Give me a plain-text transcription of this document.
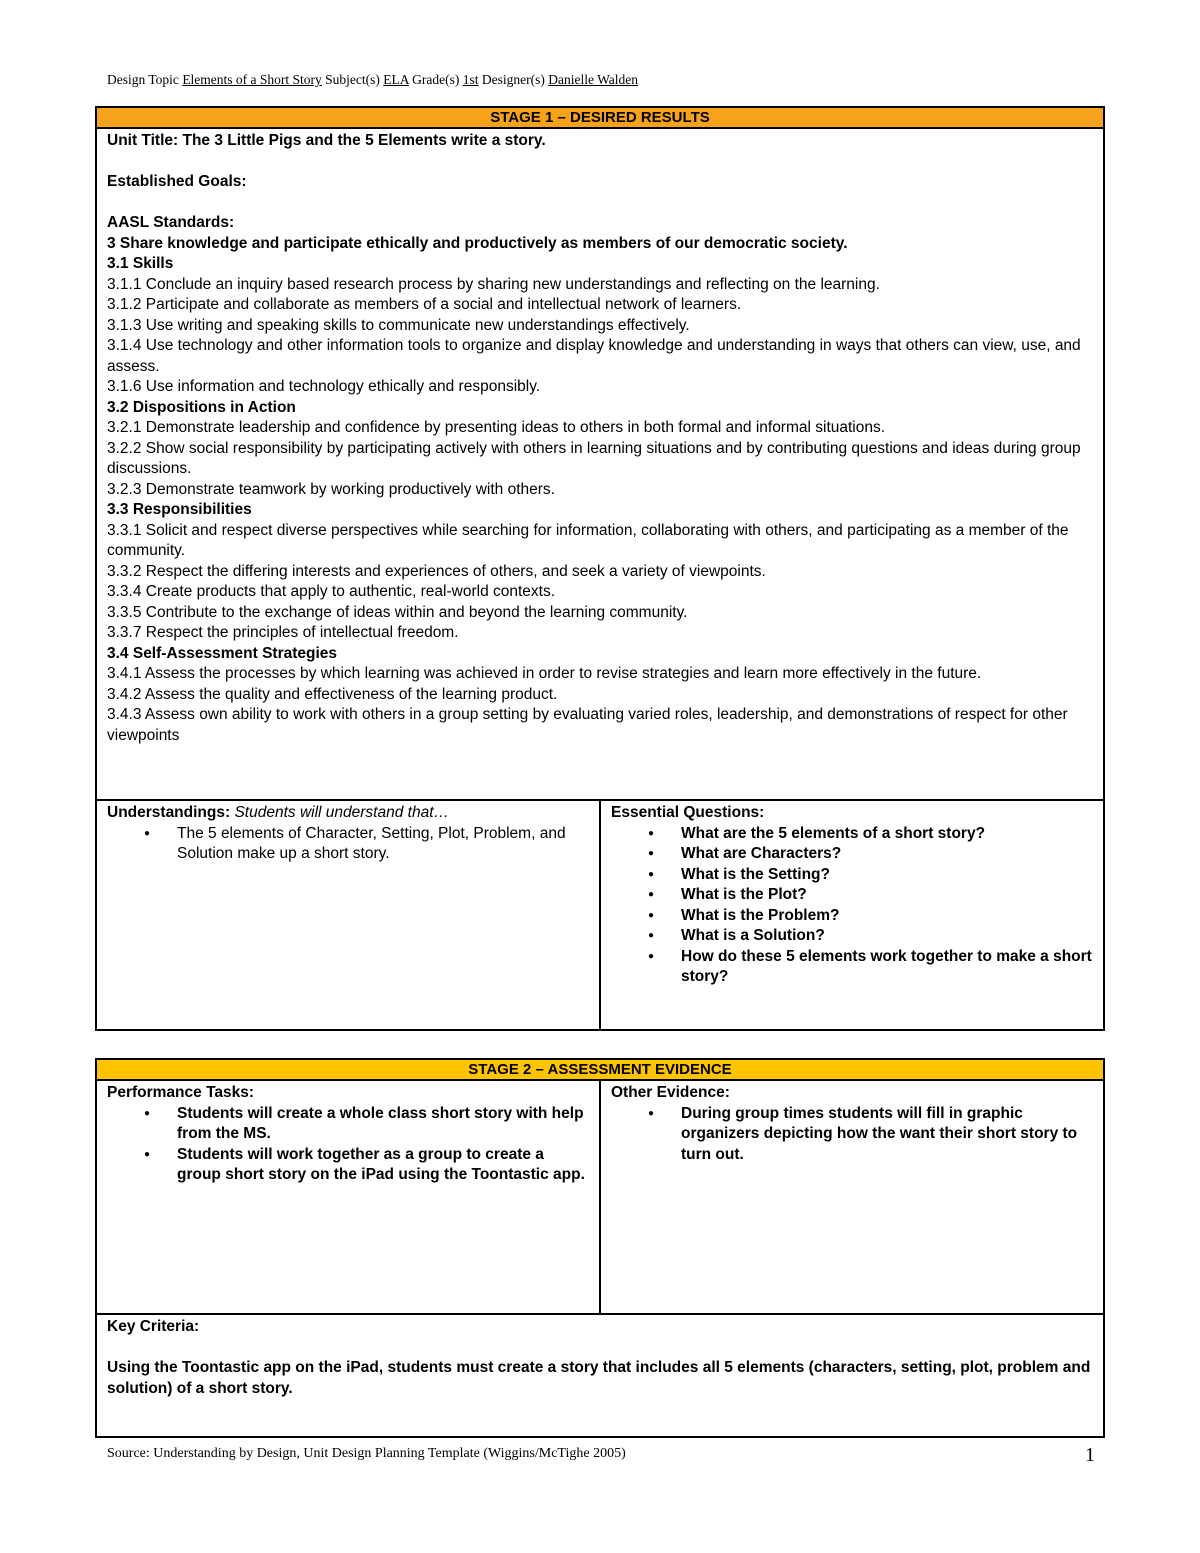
Design Topic Elements of a Short Story Subject(s) ELA Grade(s) 1st Designer(s) Danielle Walden
STAGE 1 – DESIRED RESULTS

Unit Title: The 3 Little Pigs and the 5 Elements write a story.

Established Goals:

AASL Standards:

3 Share knowledge and participate ethically and productively as members of our democratic society.

3.1 Skills

3.1.1 Conclude an inquiry based research process by sharing new understandings and reflecting on the learning.

3.1.2 Participate and collaborate as members of a social and intellectual network of learners.

3.1.3 Use writing and speaking skills to communicate new understandings effectively.

3.1.4 Use technology and other information tools to organize and display knowledge and understanding in ways that others can view, use, and assess.

3.1.6 Use information and technology ethically and responsibly.

3.2 Dispositions in Action

3.2.1 Demonstrate leadership and confidence by presenting ideas to others in both formal and informal situations.

3.2.2 Show social responsibility by participating actively with others in learning situations and by contributing questions and ideas during group discussions.

3.2.3 Demonstrate teamwork by working productively with others.

3.3 Responsibilities

3.3.1 Solicit and respect diverse perspectives while searching for information, collaborating with others, and participating as a member of the community.

3.3.2 Respect the differing interests and experiences of others, and seek a variety of viewpoints.

3.3.4 Create products that apply to authentic, real-world contexts.

3.3.5 Contribute to the exchange of ideas within and beyond the learning community.

3.3.7 Respect the principles of intellectual freedom.

3.4 Self-Assessment Strategies

3.4.1 Assess the processes by which learning was achieved in order to revise strategies and learn more effectively in the future.

3.4.2 Assess the quality and effectiveness of the learning product.

3.4.3 Assess own ability to work with others in a group setting by evaluating varied roles, leadership, and demonstrations of respect for other viewpoints

Understandings: Students will understand that…

● The 5 elements of Character, Setting, Plot, Problem, and Solution make up a short story.

Essential Questions:

● What are the 5 elements of a short story?
● What are Characters?
● What is the Setting?
● What is the Plot?
● What is the Problem?
● What is a Solution?
● How do these 5 elements work together to make a short story?
STAGE 2 – ASSESSMENT EVIDENCE

Performance Tasks:

● Students will create a whole class short story with help from the MS.
● Students will work together as a group to create a group short story on the iPad using the Toontastic app.

Other Evidence:

● During group times students will fill in graphic organizers depicting how the want their short story to turn out.

Key Criteria:

Using the Toontastic app on the iPad, students must create a story that includes all 5 elements (characters, setting, plot, problem and solution) of a short story.

Source: Understanding by Design, Unit Design Planning Template (Wiggins/McTighe 2005)	1
